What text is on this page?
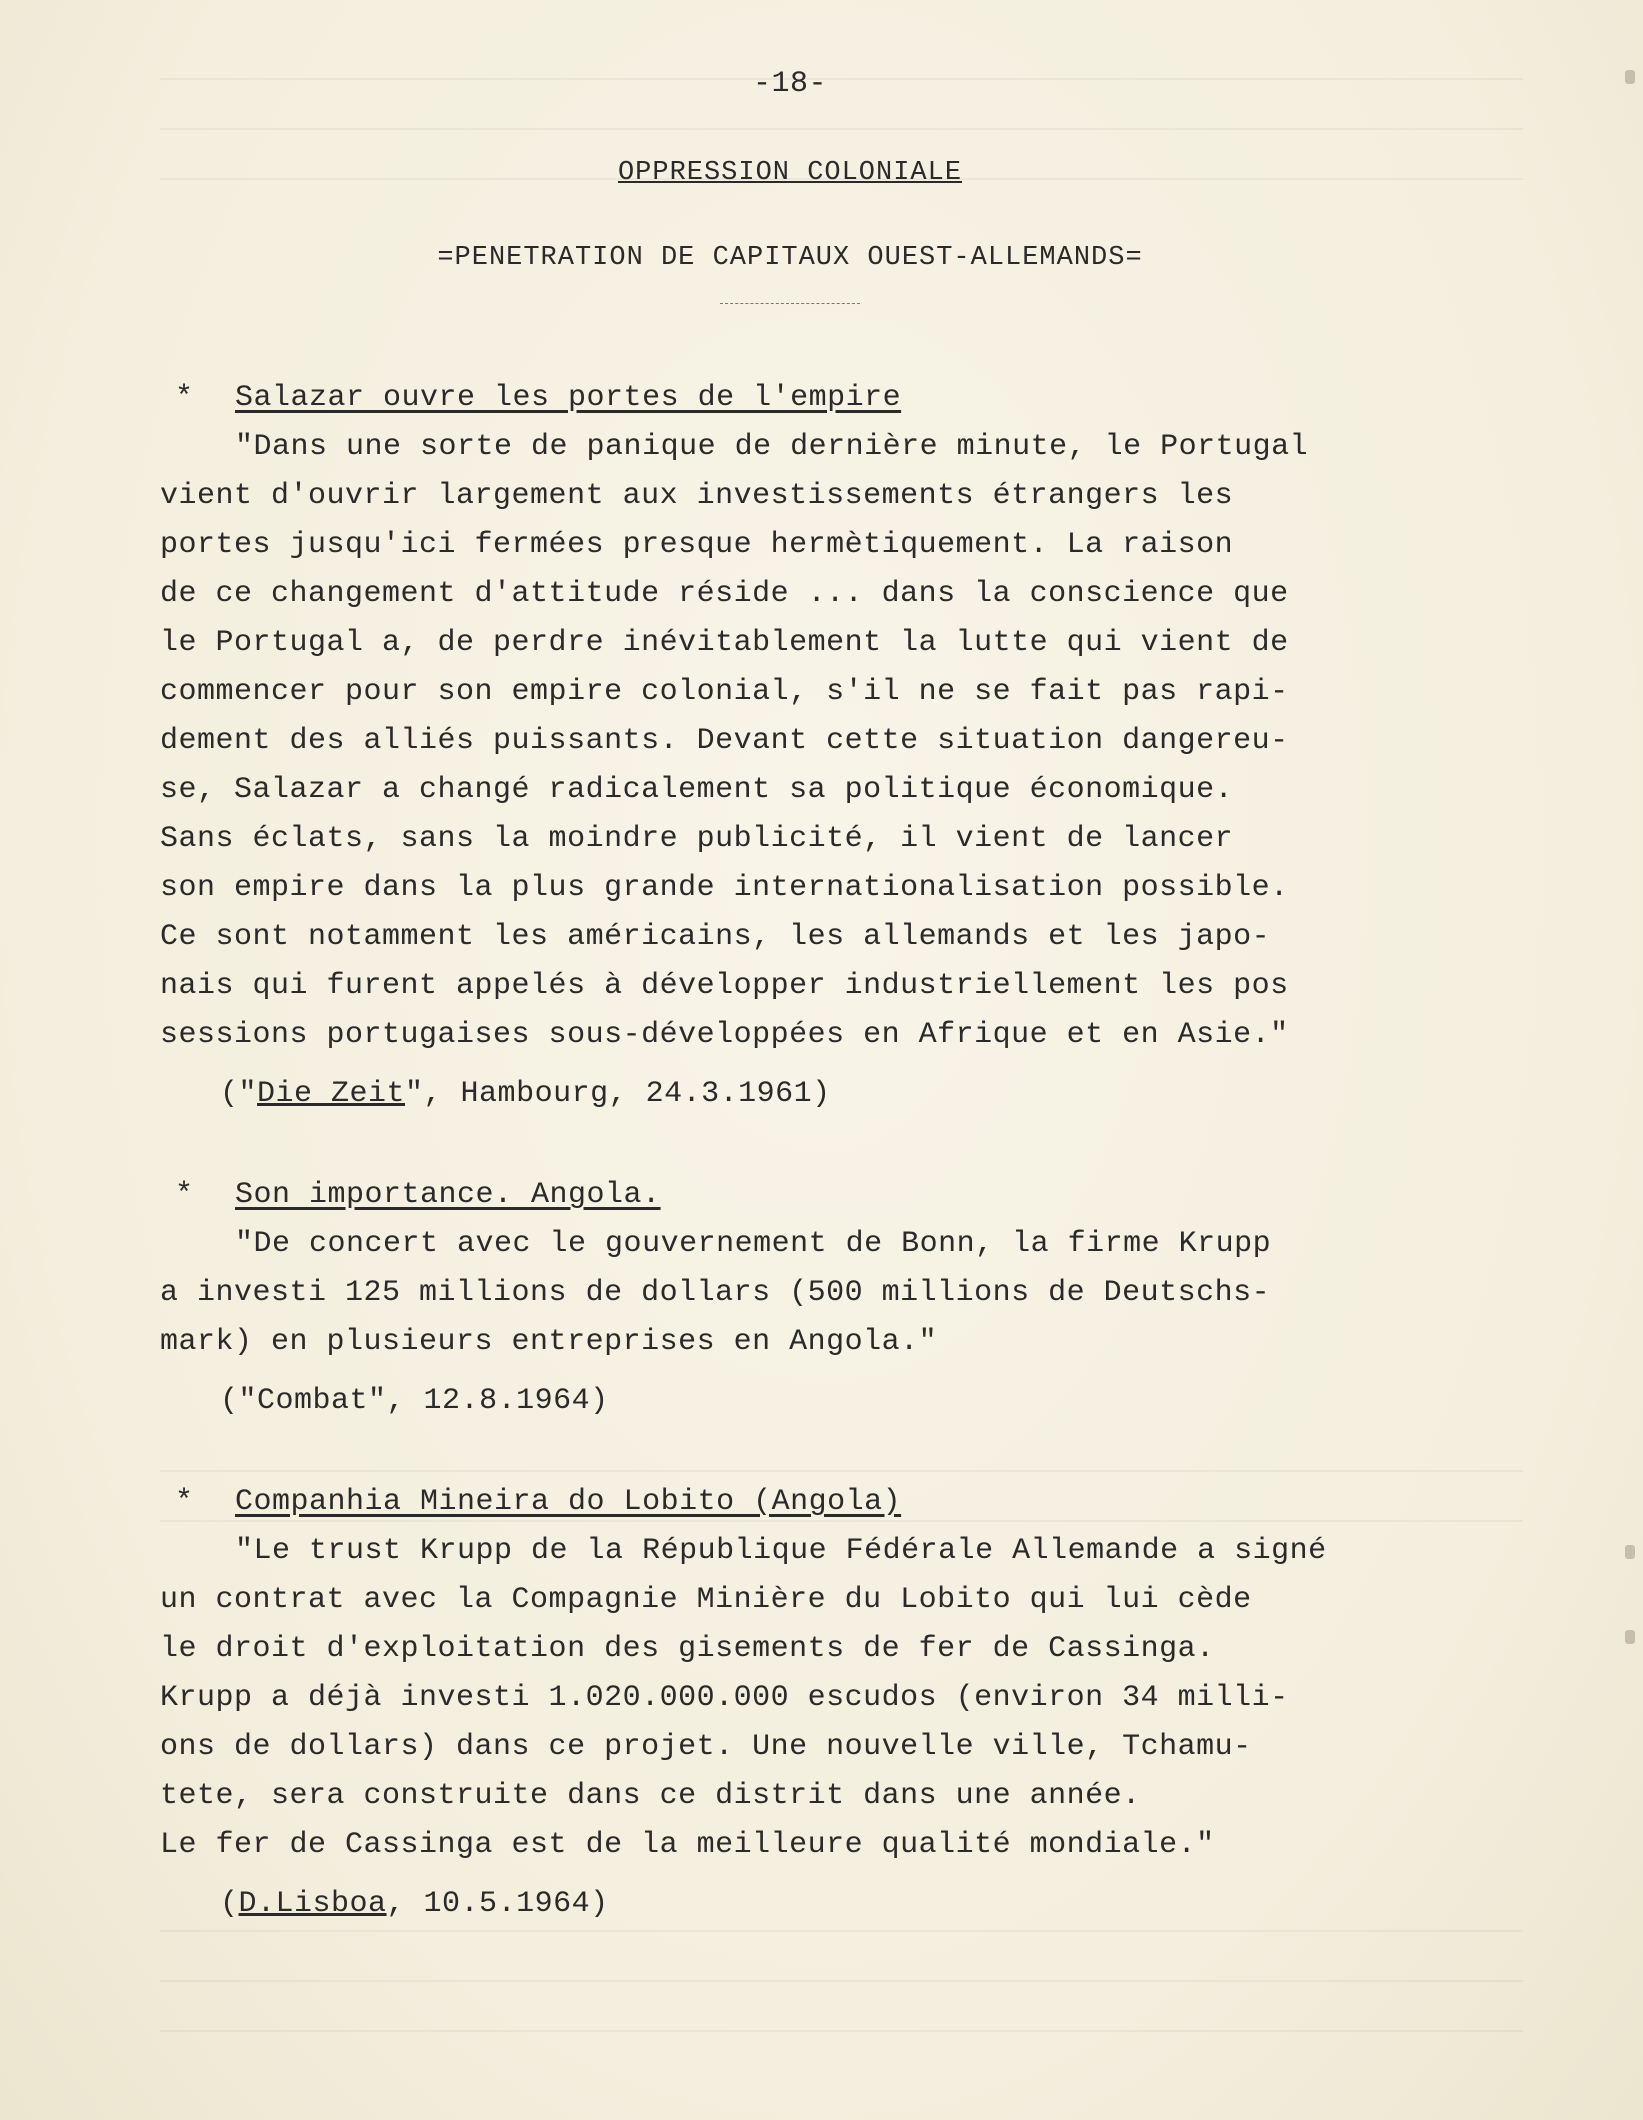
-18-
OPPRESSION COLONIALE
=PENETRATION DE CAPITAUX OUEST-ALLEMANDS=
*	Salazar ouvre les portes de l'empire
"Dans une sorte de panique de dernière minute, le Portugal
vient d'ouvrir largement aux investissements étrangers les
portes jusqu'ici fermées presque hermètiquement. La raison
de ce changement d'attitude réside ... dans la conscience que
le Portugal a, de perdre inévitablement la lutte qui vient de
commencer pour son empire colonial, s'il ne se fait pas rapi-
dement des alliés puissants. Devant cette situation dangereu-
se, Salazar a changé radicalement sa politique économique.
Sans éclats, sans la moindre publicité, il vient de lancer
son empire dans la plus grande internationalisation possible.
Ce sont notamment les américains, les allemands et les japo-
nais qui furent appelés à développer industriellement les pos
sessions portugaises sous-développées en Afrique et en Asie."
("Die Zeit", Hambourg, 24.3.1961)
*	Son importance. Angola.
"De concert avec le gouvernement de Bonn, la firme Krupp
a investi 125 millions de dollars (500 millions de Deutschs-
mark) en plusieurs entreprises en Angola."
("Combat", 12.8.1964)
*	Companhia Mineira do Lobito (Angola)
"Le trust Krupp de la République Fédérale Allemande a signé
un contrat avec la Compagnie Minière du Lobito qui lui cède
le droit d'exploitation des gisements de fer de Cassinga.
Krupp a déjà investi 1.020.000.000 escudos (environ 34 milli-
ons de dollars) dans ce projet. Une nouvelle ville, Tchamu-
tete, sera construite dans ce distrit dans une année.
Le fer de Cassinga est de la meilleure qualité mondiale."
(D.Lisboa, 10.5.1964)
